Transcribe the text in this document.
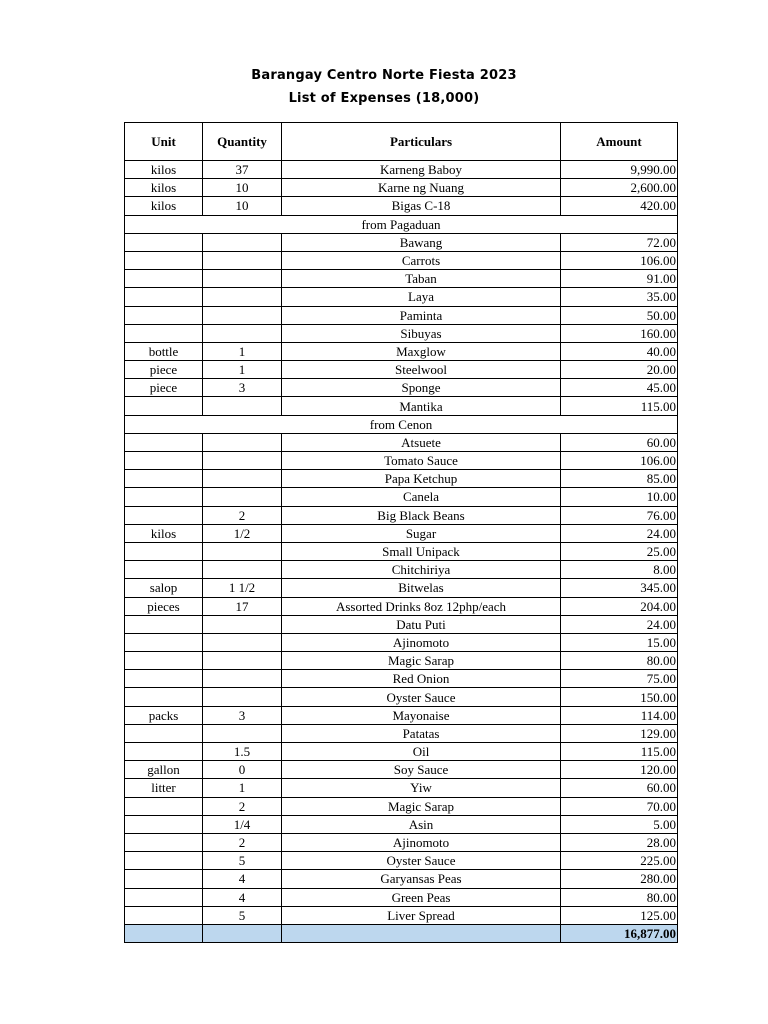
Barangay Centro Norte Fiesta 2023
List of Expenses (18,000)
Unit	Quantity	Particulars	Amount
kilos	37	Karneng Baboy	9,990.00
kilos	10	Karne ng Nuang	2,600.00
kilos	10	Bigas C-18	420.00
from Pagaduan			
		Bawang	72.00
		Carrots	106.00
		Taban	91.00
		Laya	35.00
		Paminta	50.00
		Sibuyas	160.00
bottle	1	Maxglow	40.00
piece	1	Steelwool	20.00
piece	3	Sponge	45.00
		Mantika	115.00
from Cenon			
		Atsuete	60.00
		Tomato Sauce	106.00
		Papa Ketchup	85.00
		Canela	10.00
	2	Big Black Beans	76.00
kilos	1/2	Sugar	24.00
		Small Unipack	25.00
		Chitchiriya	8.00
salop	1 1/2	Bitwelas	345.00
pieces	17	Assorted Drinks 8oz 12php/each	204.00
		Datu Puti	24.00
		Ajinomoto	15.00
		Magic Sarap	80.00
		Red Onion	75.00
		Oyster Sauce	150.00
packs	3	Mayonaise	114.00
		Patatas	129.00
	1.5	Oil	115.00
gallon	0	Soy Sauce	120.00
litter	1	Yiw	60.00
	2	Magic Sarap	70.00
	1/4	Asin	5.00
	2	Ajinomoto	28.00
	5	Oyster Sauce	225.00
	4	Garyansas Peas	280.00
	4	Green Peas	80.00
	5	Liver Spread	125.00
			16,877.00
